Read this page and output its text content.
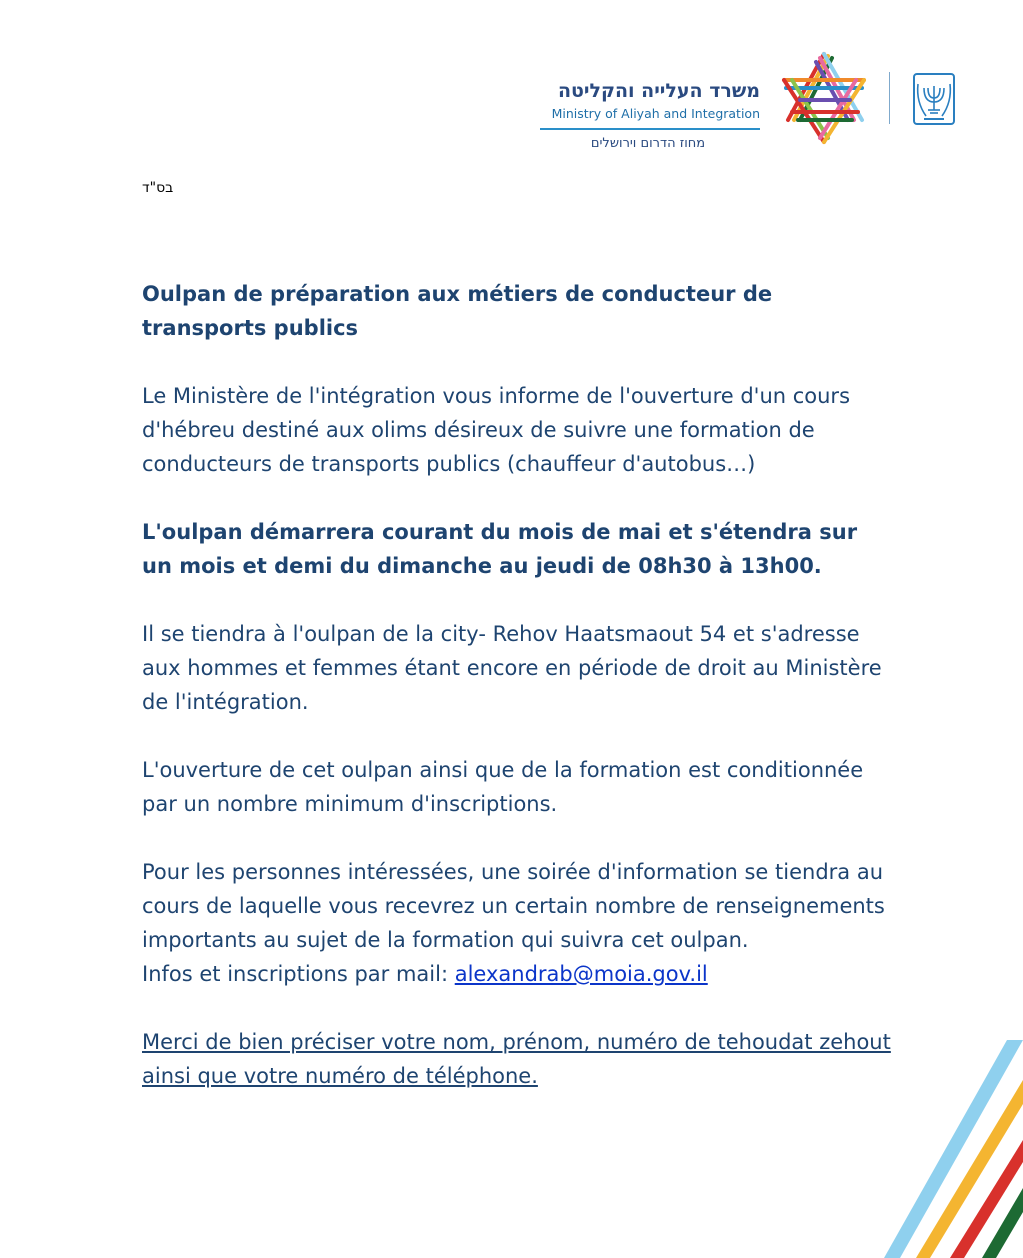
משרד העלייה והקליטה
Ministry of Aliyah and Integration
מחוז הדרום וירושלים
בס"ד

Oulpan de préparation aux métiers de conducteur de transports publics

Le Ministère de l'intégration vous informe de l'ouverture d'un cours d'hébreu destiné aux olims désireux de suivre une formation de conducteurs de transports publics (chauffeur d'autobus…)

L'oulpan démarrera courant du mois de mai et s'étendra sur un mois et demi du dimanche au jeudi de 08h30 à 13h00.

Il se tiendra à l'oulpan de la city- Rehov Haatsmaout 54 et s'adresse aux hommes et femmes étant encore en période de droit au Ministère de l'intégration.

L'ouverture de cet oulpan ainsi que de la formation est conditionnée par un nombre minimum d'inscriptions.

Pour les personnes intéressées, une soirée d'information se tiendra au cours de laquelle vous recevrez un certain nombre de renseignements importants au sujet de la formation qui suivra cet oulpan.

Infos et inscriptions par mail: alexandrab@moia.gov.il

Merci de bien préciser votre nom, prénom, numéro de tehoudat zehout ainsi que votre numéro de téléphone.
